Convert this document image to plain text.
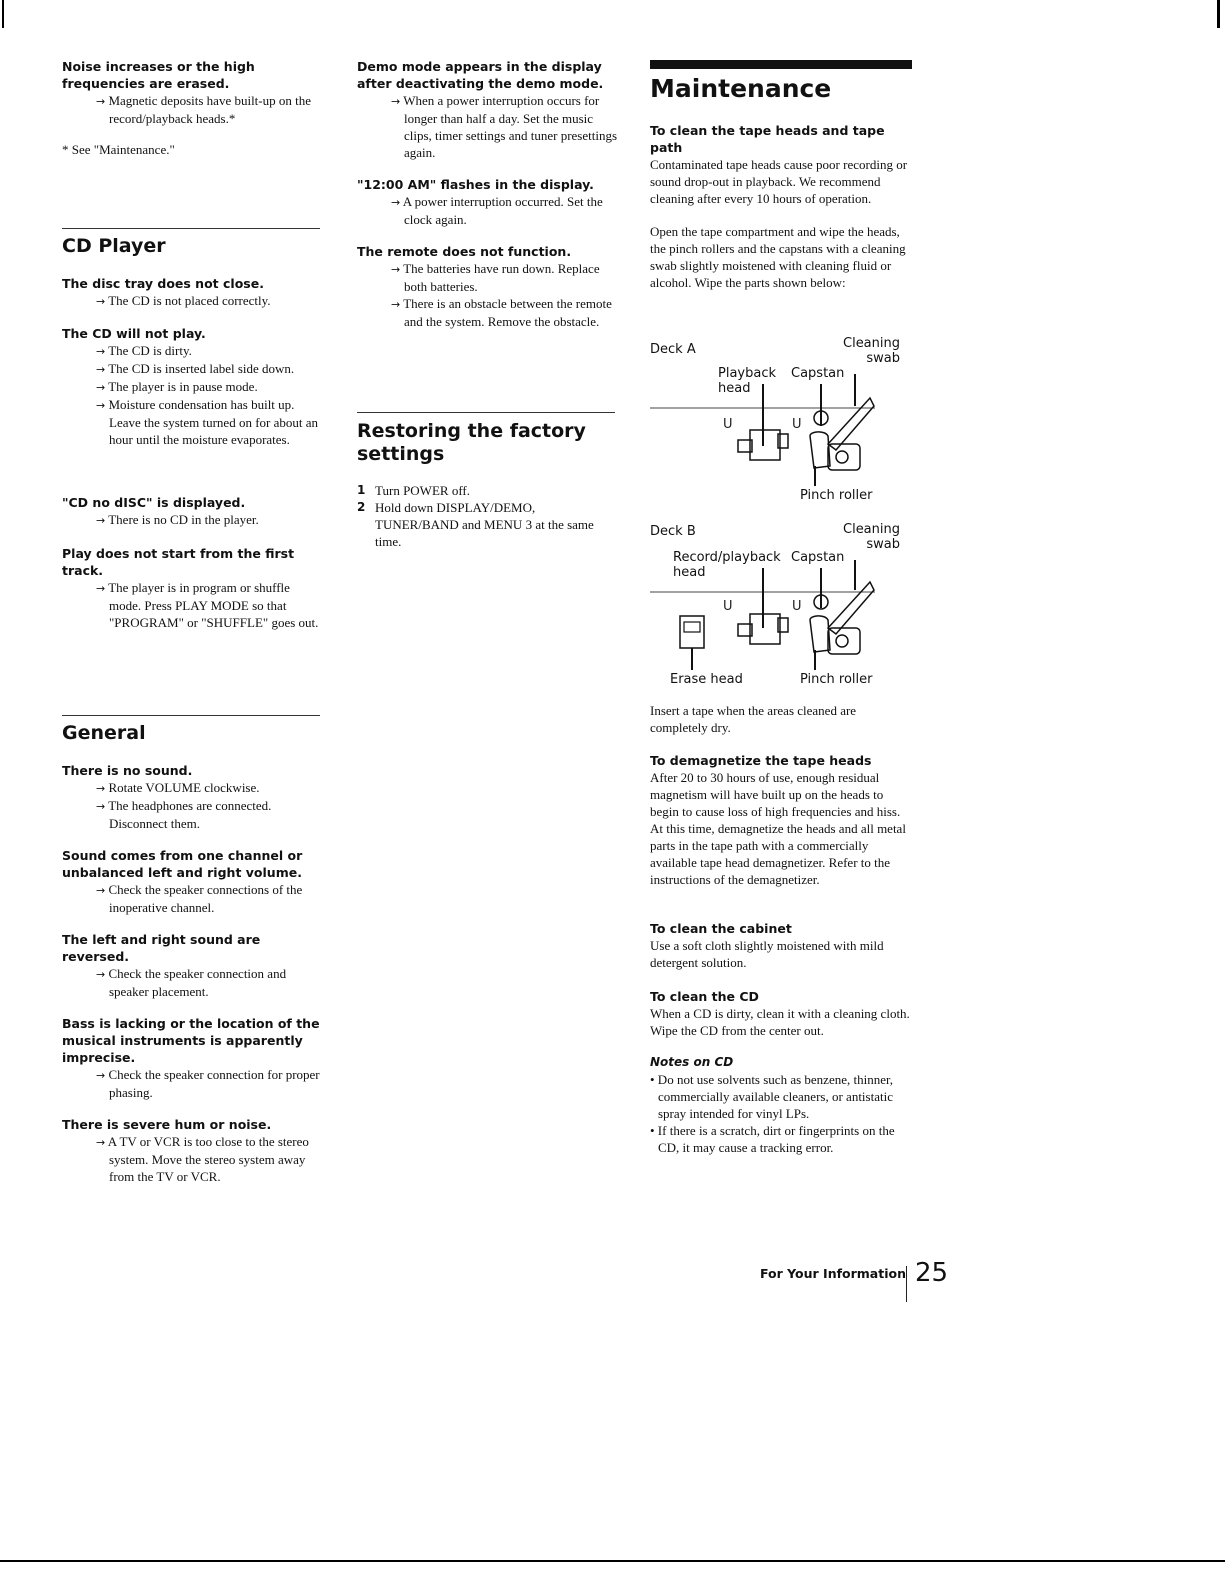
Noise increases or the high frequencies are erased.

→ Magnetic deposits have built-up on the record/playback heads.*

* See "Maintenance."

CD Player

The disc tray does not close.

→ The CD is not placed correctly.

The CD will not play.

→ The CD is dirty.

→ The CD is inserted label side down.

→ The player is in pause mode.

→ Moisture condensation has built up.

Leave the system turned on for about an hour until the moisture evaporates.

"CD no dISC" is displayed.

→ There is no CD in the player.

Play does not start from the first track.

→ The player is in program or shuffle mode. Press PLAY MODE so that "PROGRAM" or "SHUFFLE" goes out.

General

There is no sound.

→ Rotate VOLUME clockwise.

→ The headphones are connected. Disconnect them.

Sound comes from one channel or unbalanced left and right volume.

→ Check the speaker connections of the inoperative channel.

The left and right sound are reversed.

→ Check the speaker connection and speaker placement.

Bass is lacking or the location of the musical instruments is apparently imprecise.

→ Check the speaker connection for proper phasing.

There is severe hum or noise.

→ A TV or VCR is too close to the stereo system. Move the stereo system away from the TV or VCR.

Demo mode appears in the display after deactivating the demo mode.

→ When a power interruption occurs for longer than half a day. Set the music clips, timer settings and tuner presettings again.

"12:00 AM" flashes in the display.

→ A power interruption occurred. Set the clock again.

The remote does not function.

→ The batteries have run down. Replace both batteries.

→ There is an obstacle between the remote and the system. Remove the obstacle.

Restoring the factory settings
1 Turn POWER off.
2 Hold down DISPLAY/DEMO, TUNER/BAND and MENU 3 at the same time.
Maintenance

To clean the tape heads and tape path

Contaminated tape heads cause poor recording or sound drop-out in playback. We recommend cleaning after every 10 hours of operation.

Open the tape compartment and wipe the heads, the pinch rollers and the capstans with a cleaning swab slightly moistened with cleaning fluid or alcohol. Wipe the parts shown below:

Deck A	Cleaning swab
Playback head
Capstan
Pinch roller
U	U
Deck B	Cleaning swab
Record/playback head
Capstan
Erase head	Pinch roller
U	U

Insert a tape when the areas cleaned are completely dry.

To demagnetize the tape heads

After 20 to 30 hours of use, enough residual magnetism will have built up on the heads to begin to cause loss of high frequencies and hiss. At this time, demagnetize the heads and all metal parts in the tape path with a commercially available tape head demagnetizer. Refer to the instructions of the demagnetizer.

To clean the cabinet

Use a soft cloth slightly moistened with mild detergent solution.

To clean the CD

When a CD is dirty, clean it with a cleaning cloth. Wipe the CD from the center out.

Notes on CD

• Do not use solvents such as benzene, thinner, commercially available cleaners, or antistatic spray intended for vinyl LPs.
• If there is a scratch, dirt or fingerprints on the CD, it may cause a tracking error.
For Your Information 25
